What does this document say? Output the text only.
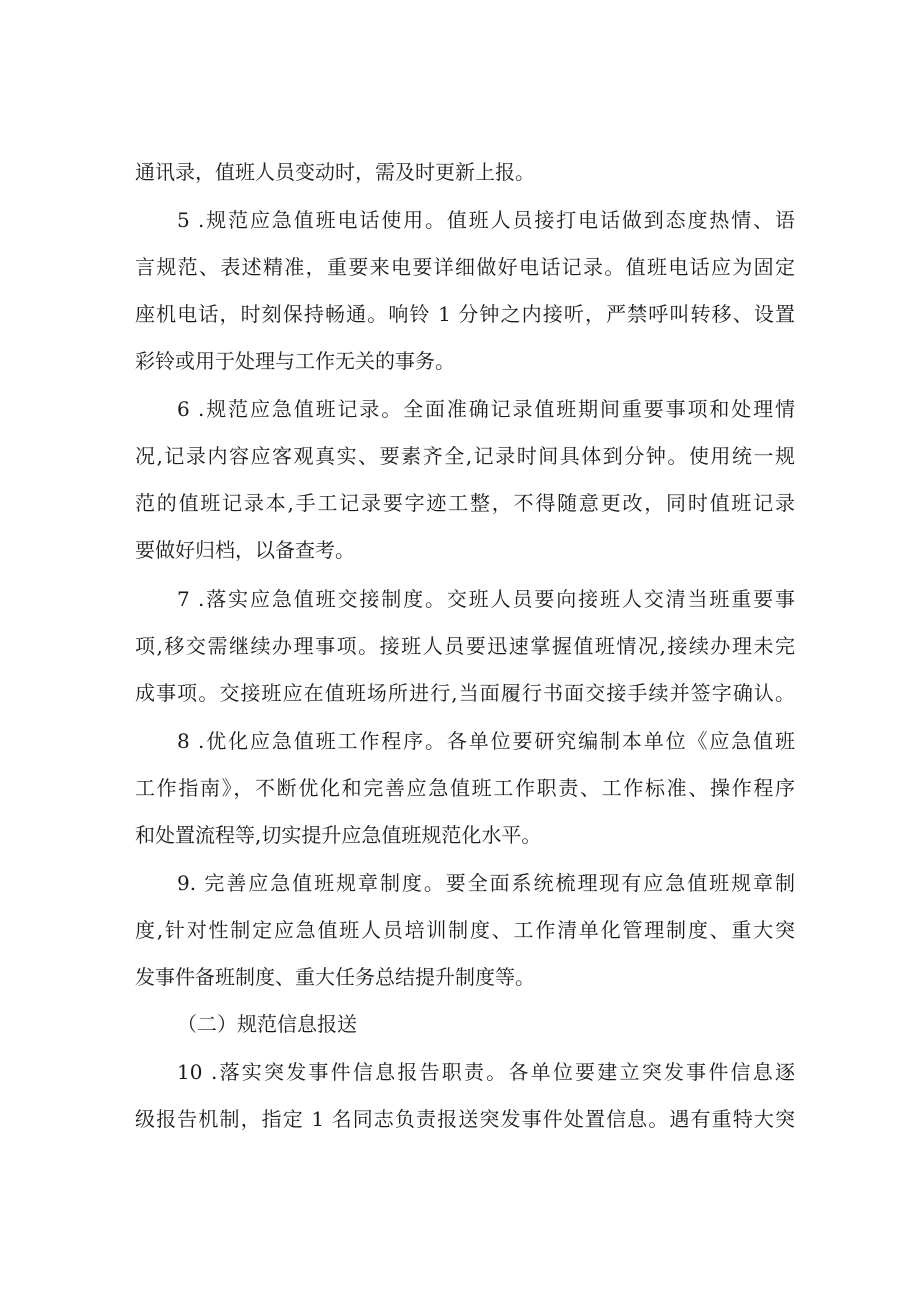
通讯录，值班人员变动时，需及时更新上报。
5 .规范应急值班电话使用。值班人员接打电话做到态度热情、语
言规范、表述精准，重要来电要详细做好电话记录。值班电话应为固定
座机电话，时刻保持畅通。响铃 1 分钟之内接听，严禁呼叫转移、设置
彩铃或用于处理与工作无关的事务。
6 .规范应急值班记录。全面准确记录值班期间重要事项和处理情
况,记录内容应客观真实、要素齐全,记录时间具体到分钟。使用统一规
范的值班记录本,手工记录要字迹工整，不得随意更改，同时值班记录
要做好归档，以备查考。
7 .落实应急值班交接制度。交班人员要向接班人交清当班重要事
项,移交需继续办理事项。接班人员要迅速掌握值班情况,接续办理未完
成事项。交接班应在值班场所进行,当面履行书面交接手续并签字确认。
8 .优化应急值班工作程序。各单位要研究编制本单位《应急值班
工作指南》，不断优化和完善应急值班工作职责、工作标准、操作程序
和处置流程等,切实提升应急值班规范化水平。
9. 完善应急值班规章制度。要全面系统梳理现有应急值班规章制
度,针对性制定应急值班人员培训制度、工作清单化管理制度、重大突
发事件备班制度、重大任务总结提升制度等。
（二）规范信息报送
10 .落实突发事件信息报告职责。各单位要建立突发事件信息逐
级报告机制，指定 1 名同志负责报送突发事件处置信息。遇有重特大突
